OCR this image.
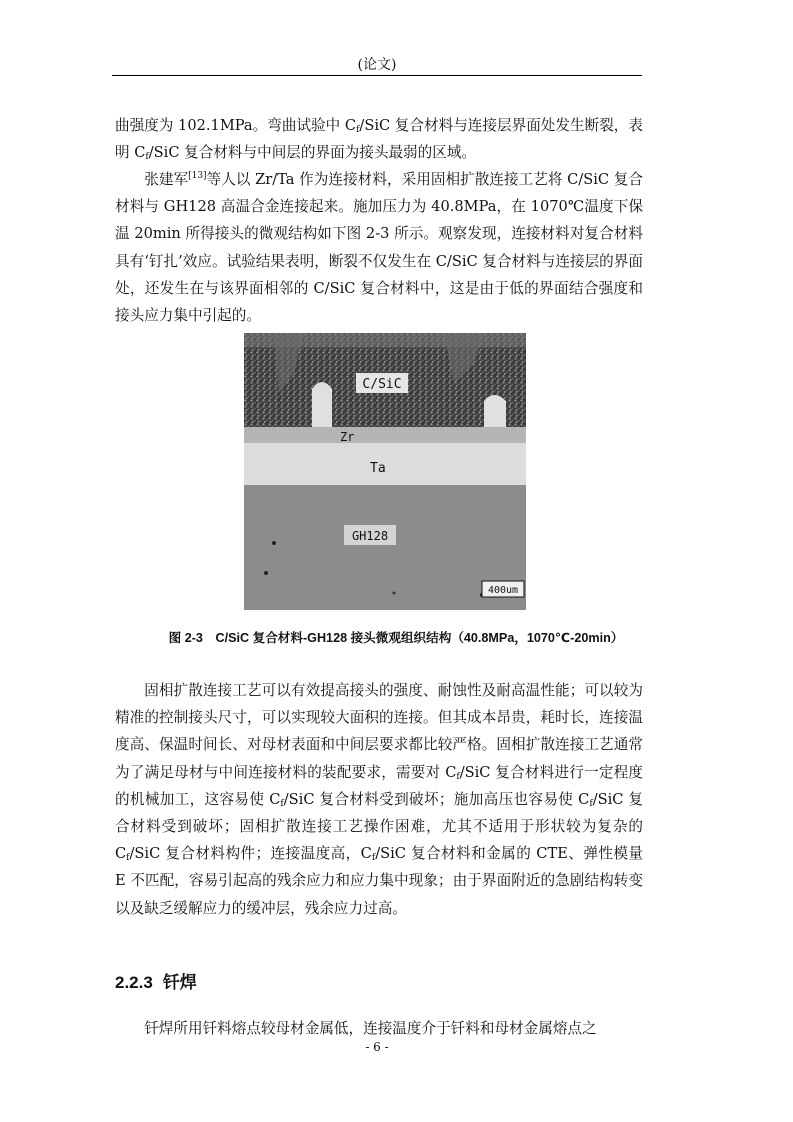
(论文)

曲强度为 102.1MPa。弯曲试验中 $C_f$/SiC 复合材料与连接层界面处发生断裂，表明 $C_f$/SiC 复合材料与中间层的界面为接头最弱的区域。

张建军[13]等人以 Zr/Ta 作为连接材料，采用固相扩散连接工艺将 C/SiC 复合材料与 GH128 高温合金连接起来。施加压力为 40.8MPa，在 1070℃温度下保温 20min 所得接头的微观结构如下图 2-3 所示。观察发现，连接材料对复合材料具有‘钉扎’效应。试验结果表明，断裂不仅发生在 C/SiC 复合材料与连接层的界面处，还发生在与该界面相邻的 C/SiC 复合材料中，这是由于低的界面结合强度和接头应力集中引起的。

C/SiC
Zr
Ta
GH128
400um
图 2-3　C/SiC 复合材料-GH128 接头微观组织结构（40.8MPa，1070℃-20min）

固相扩散连接工艺可以有效提高接头的强度、耐蚀性及耐高温性能；可以较为精准的控制接头尺寸，可以实现较大面积的连接。但其成本昂贵，耗时长，连接温度高、保温时间长、对母材表面和中间层要求都比较严格。固相扩散连接工艺通常为了满足母材与中间连接材料的装配要求，需要对 $C_f$/SiC 复合材料进行一定程度的机械加工，这容易使 $C_f$/SiC 复合材料受到破坏；施加高压也容易使 $C_f$/SiC 复合材料受到破坏；固相扩散连接工艺操作困难，尤其不适用于形状较为复杂的 $C_f$/SiC 复合材料构件；连接温度高，$C_f$/SiC 复合材料和金属的 CTE、弹性模量 E 不匹配，容易引起高的残余应力和应力集中现象；由于界面附近的急剧结构转变以及缺乏缓解应力的缓冲层，残余应力过高。

2.2.3 钎焊

钎焊所用钎料熔点较母材金属低，连接温度介于钎料和母材金属熔点之

- 6 -
